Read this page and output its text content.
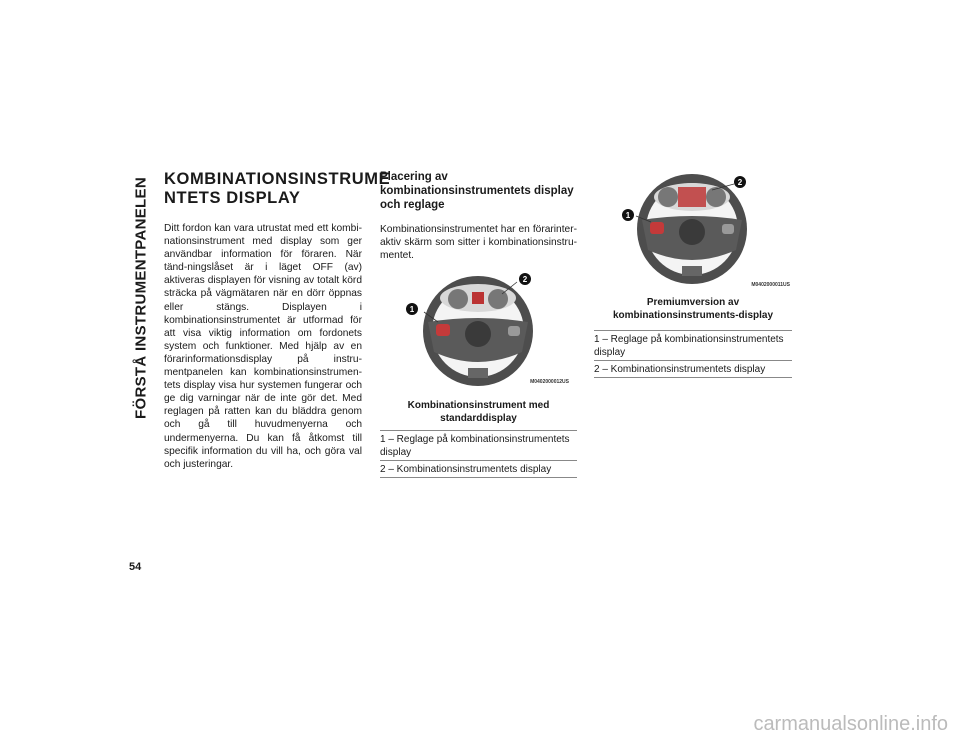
FÖRSTÅ INSTRUMENTPANELEN
54
KOMBINATIONSINSTRUME NTETS DISPLAY

Ditt fordon kan vara utrustat med ett kombi-nationsinstrument med display som ger användbar information för föraren. När tänd-ningslåset är i läget OFF (av) aktiveras displayen för visning av totalt körd sträcka på vägmätaren när en dörr öppnas eller stängs. Displayen i kombinationsinstrumentet är utformad för att visa viktig information om fordonets system och funktioner. Med hjälp av en förarinformationsdisplay på instru-mentpanelen kan kombinationsinstrumen-tets display visa hur systemen fungerar och ge dig varningar när de inte gör det. Med reglagen på ratten kan du bläddra genom och gå till huvudmenyerna och undermenyerna. Du kan få åtkomst till specifik information du vill ha, och göra val och justeringar.

Placering av kombinationsinstrumentets display och reglage

Kombinationsinstrumentet har en förarinter-aktiv skärm som sitter i kombinationsinstru-mentet.

1
2
M0402000012US
Kombinationsinstrument med standarddisplay
1 – Reglage på kombinationsinstrumentets display
2 – Kombinationsinstrumentets display
1
2
M0402000011US
Premiumversion av kombinationsinstruments-display
1 – Reglage på kombinationsinstrumentets display
2 – Kombinationsinstrumentets display
carmanualsonline.info
